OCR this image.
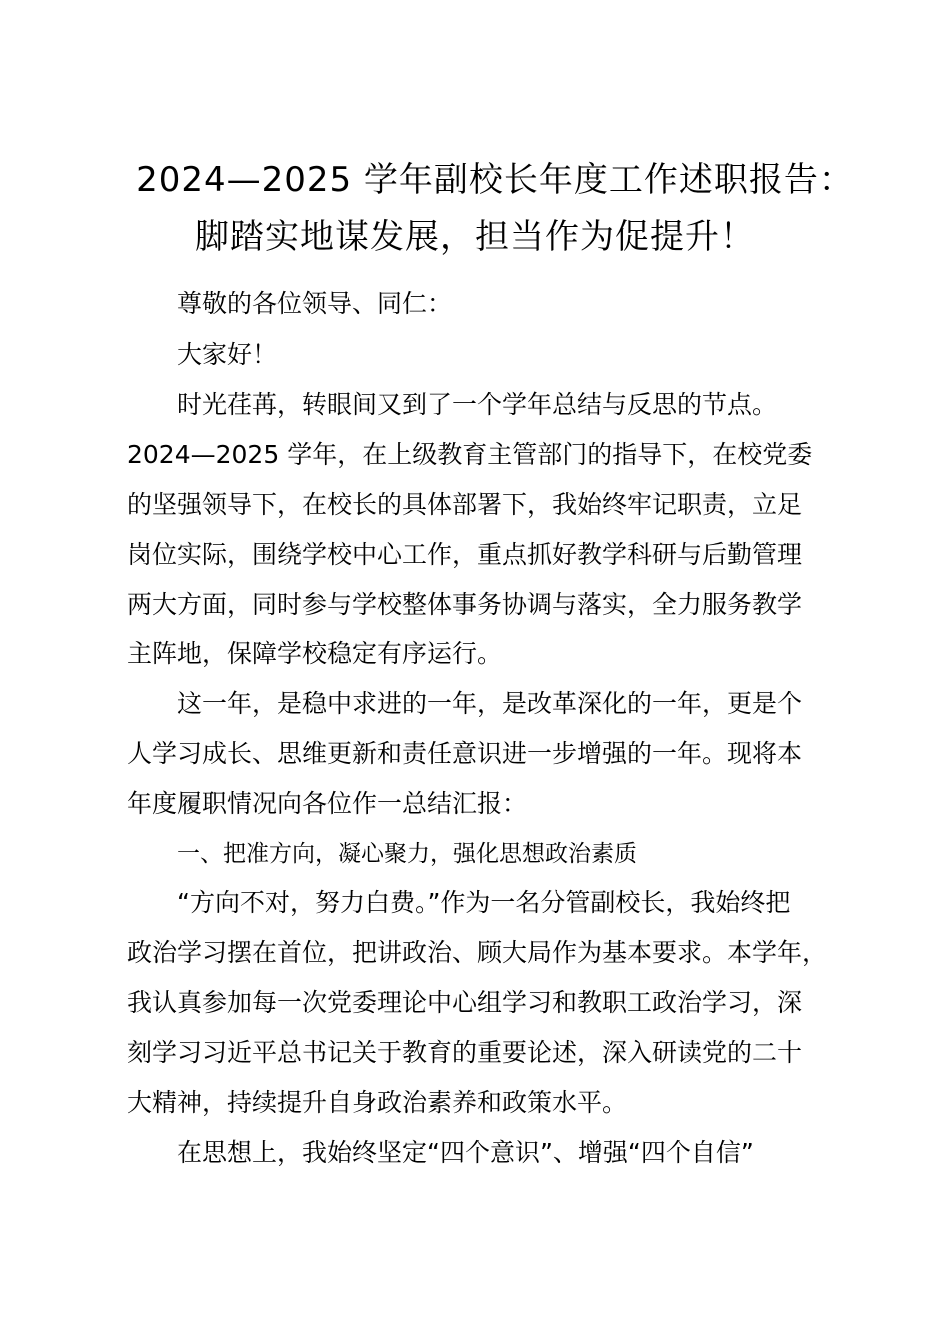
2024—2025 学年副校长年度工作述职报告：
脚踏实地谋发展，担当作为促提升！
尊敬的各位领导、同仁：
大家好！
时光荏苒，转眼间又到了一个学年总结与反思的节点。
2024—2025 学年，在上级教育主管部门的指导下，在校党委
的坚强领导下，在校长的具体部署下，我始终牢记职责，立足
岗位实际，围绕学校中心工作，重点抓好教学科研与后勤管理
两大方面，同时参与学校整体事务协调与落实，全力服务教学
主阵地，保障学校稳定有序运行。
这一年，是稳中求进的一年，是改革深化的一年，更是个
人学习成长、思维更新和责任意识进一步增强的一年。现将本
年度履职情况向各位作一总结汇报：
一、把准方向，凝心聚力，强化思想政治素质
“方向不对，努力白费。”作为一名分管副校长，我始终把
政治学习摆在首位，把讲政治、顾大局作为基本要求。本学年，
我认真参加每一次党委理论中心组学习和教职工政治学习，深
刻学习习近平总书记关于教育的重要论述，深入研读党的二十
大精神，持续提升自身政治素养和政策水平。
在思想上，我始终坚定“四个意识”、增强“四个自信”
